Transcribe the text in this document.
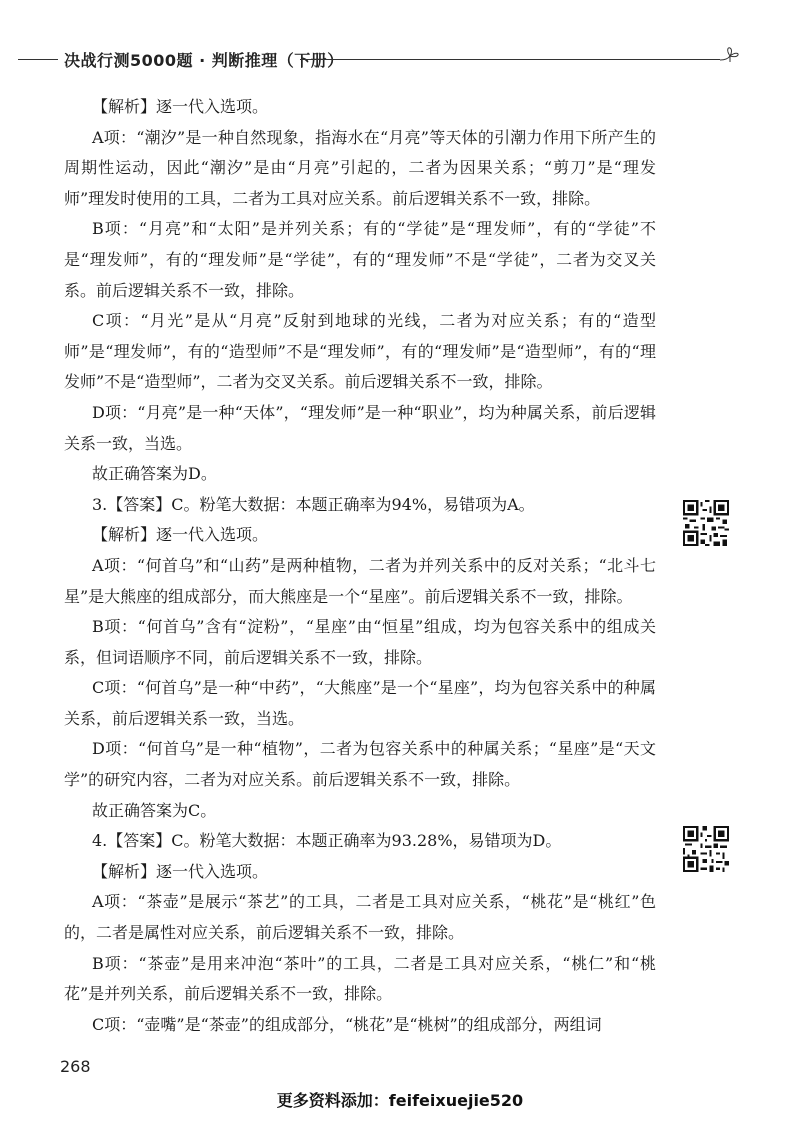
决战行测5000题 · 判断推理（下册）

【解析】逐一代入选项。

A项：“潮汐”是一种自然现象，指海水在“月亮”等天体的引潮力作用下所产生的周期性运动，因此“潮汐”是由“月亮”引起的，二者为因果关系；“剪刀”是“理发师”理发时使用的工具，二者为工具对应关系。前后逻辑关系不一致，排除。

B项：“月亮”和“太阳”是并列关系；有的“学徒”是“理发师”，有的“学徒”不是“理发师”，有的“理发师”是“学徒”，有的“理发师”不是“学徒”，二者为交叉关系。前后逻辑关系不一致，排除。

C项：“月光”是从“月亮”反射到地球的光线，二者为对应关系；有的“造型师”是“理发师”，有的“造型师”不是“理发师”，有的“理发师”是“造型师”，有的“理发师”不是“造型师”，二者为交叉关系。前后逻辑关系不一致，排除。

D项：“月亮”是一种“天体”，“理发师”是一种“职业”，均为种属关系，前后逻辑关系一致，当选。

故正确答案为D。

3.【答案】C。粉笔大数据：本题正确率为94%，易错项为A。

【解析】逐一代入选项。

A项：“何首乌”和“山药”是两种植物，二者为并列关系中的反对关系；“北斗七星”是大熊座的组成部分，而大熊座是一个“星座”。前后逻辑关系不一致，排除。

B项：“何首乌”含有“淀粉”，“星座”由“恒星”组成，均为包容关系中的组成关系，但词语顺序不同，前后逻辑关系不一致，排除。

C项：“何首乌”是一种“中药”，“大熊座”是一个“星座”，均为包容关系中的种属关系，前后逻辑关系一致，当选。

D项：“何首乌”是一种“植物”，二者为包容关系中的种属关系；“星座”是“天文学”的研究内容，二者为对应关系。前后逻辑关系不一致，排除。

故正确答案为C。

4.【答案】C。粉笔大数据：本题正确率为93.28%，易错项为D。

【解析】逐一代入选项。

A项：“茶壶”是展示“茶艺”的工具，二者是工具对应关系，“桃花”是“桃红”色的，二者是属性对应关系，前后逻辑关系不一致，排除。

B项：“茶壶”是用来冲泡“茶叶”的工具，二者是工具对应关系，“桃仁”和“桃花”是并列关系，前后逻辑关系不一致，排除。

C项：“壶嘴”是“茶壶”的组成部分，“桃花”是“桃树”的组成部分，两组词

268
更多资料添加：feifeixuejie520
